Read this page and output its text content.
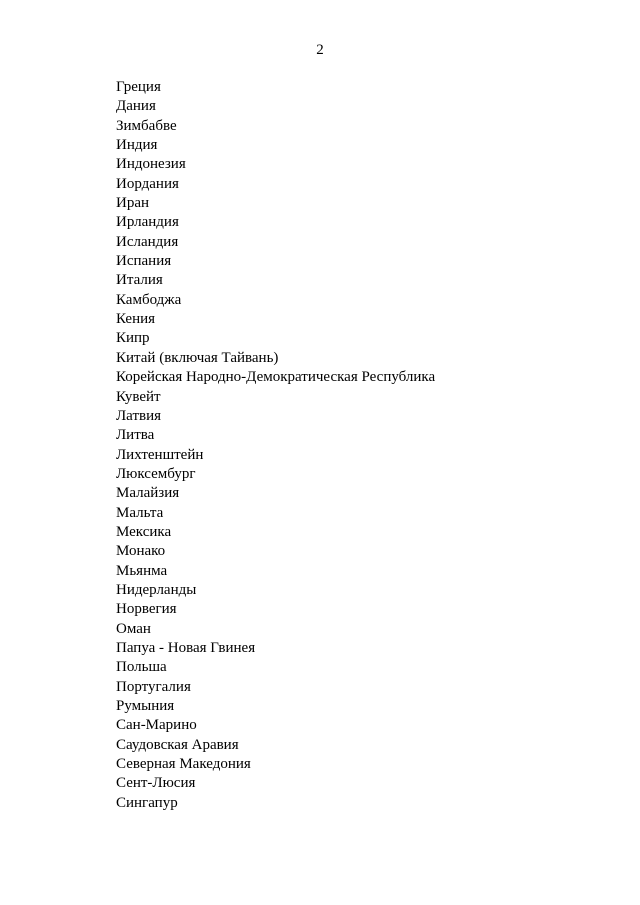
2
Греция
Дания
Зимбабве
Индия
Индонезия
Иордания
Иран
Ирландия
Исландия
Испания
Италия
Камбоджа
Кения
Кипр
Китай (включая Тайвань)
Корейская Народно-Демократическая Республика
Кувейт
Латвия
Литва
Лихтенштейн
Люксембург
Малайзия
Мальта
Мексика
Монако
Мьянма
Нидерланды
Норвегия
Оман
Папуа - Новая Гвинея
Польша
Португалия
Румыния
Сан-Марино
Саудовская Аравия
Северная Македония
Сент-Люсия
Сингапур
